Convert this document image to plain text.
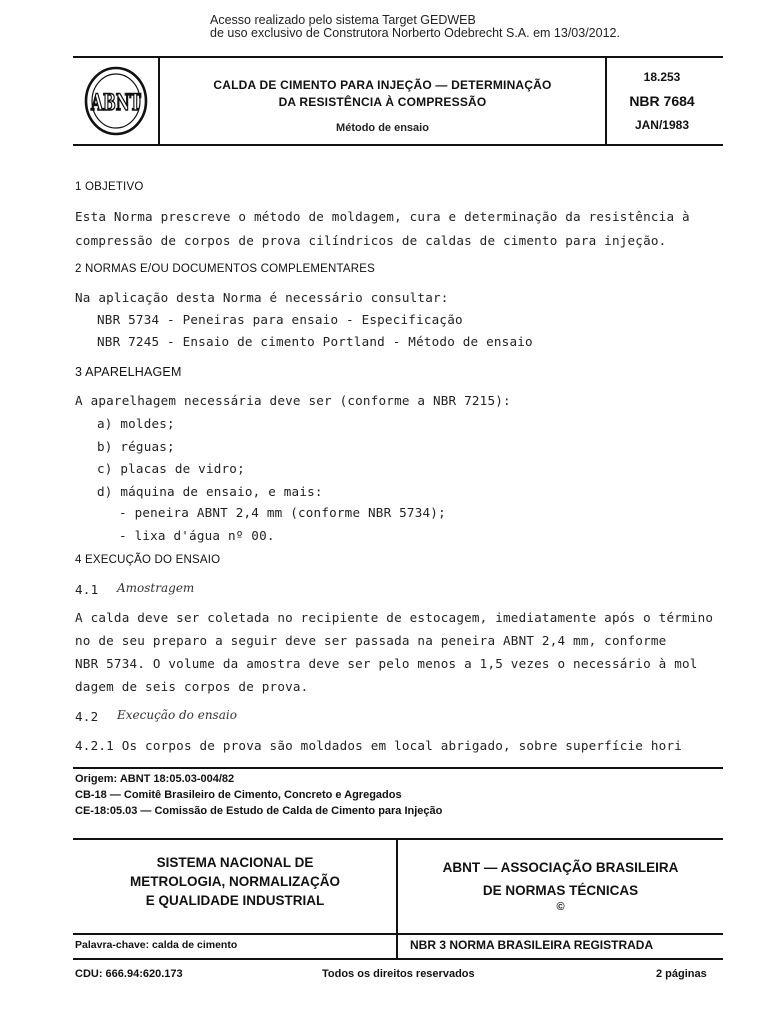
Acesso realizado pelo sistema Target GEDWEB
de uso exclusivo de Construtora Norberto Odebrecht S.A. em 13/03/2012.
ABNT
CALDA DE CIMENTO PARA INJEÇÃO — DETERMINAÇÃO
DA RESISTÊNCIA À COMPRESSÃO
Método de ensaio
18.253
NBR 7684
JAN/1983
1 OBJETIVO
Esta Norma prescreve o método de moldagem, cura e determinação da resistência à
compressão de corpos de prova cilíndricos de caldas de cimento para injeção.
2 NORMAS E/OU DOCUMENTOS COMPLEMENTARES
Na aplicação desta Norma é necessário consultar:
NBR 5734 - Peneiras para ensaio - Especificação
NBR 7245 - Ensaio de cimento Portland - Método de ensaio
3 APARELHAGEM
A aparelhagem necessária deve ser (conforme a NBR 7215):
a) moldes;
b) réguas;
c) placas de vidro;
d) máquina de ensaio, e mais:
- peneira ABNT 2,4 mm (conforme NBR 5734);
- lixa d'água nº 00.
4 EXECUÇÃO DO ENSAIO
4.1 Amostragem
A calda deve ser coletada no recipiente de estocagem, imediatamente após o término
no de seu preparo a seguir deve ser passada na peneira ABNT 2,4 mm, conforme
NBR 5734. O volume da amostra deve ser pelo menos a 1,5 vezes o necessário à mol
dagem de seis corpos de prova.
4.2 Execução do ensaio
4.2.1 Os corpos de prova são moldados em local abrigado, sobre superfície hori
Origem: ABNT 18:05.03-004/82
CB-18 — Comitê Brasileiro de Cimento, Concreto e Agregados
CE-18:05.03 — Comissão de Estudo de Calda de Cimento para Injeção
SISTEMA NACIONAL DE
METROLOGIA, NORMALIZAÇÃO
E QUALIDADE INDUSTRIAL
ABNT — ASSOCIAÇÃO BRASILEIRA
DE NORMAS TÉCNICAS
©
Palavra-chave: calda de cimento	NBR 3 NORMA BRASILEIRA REGISTRADA
CDU: 666.94:620.173	Todos os direitos reservados	2 páginas
